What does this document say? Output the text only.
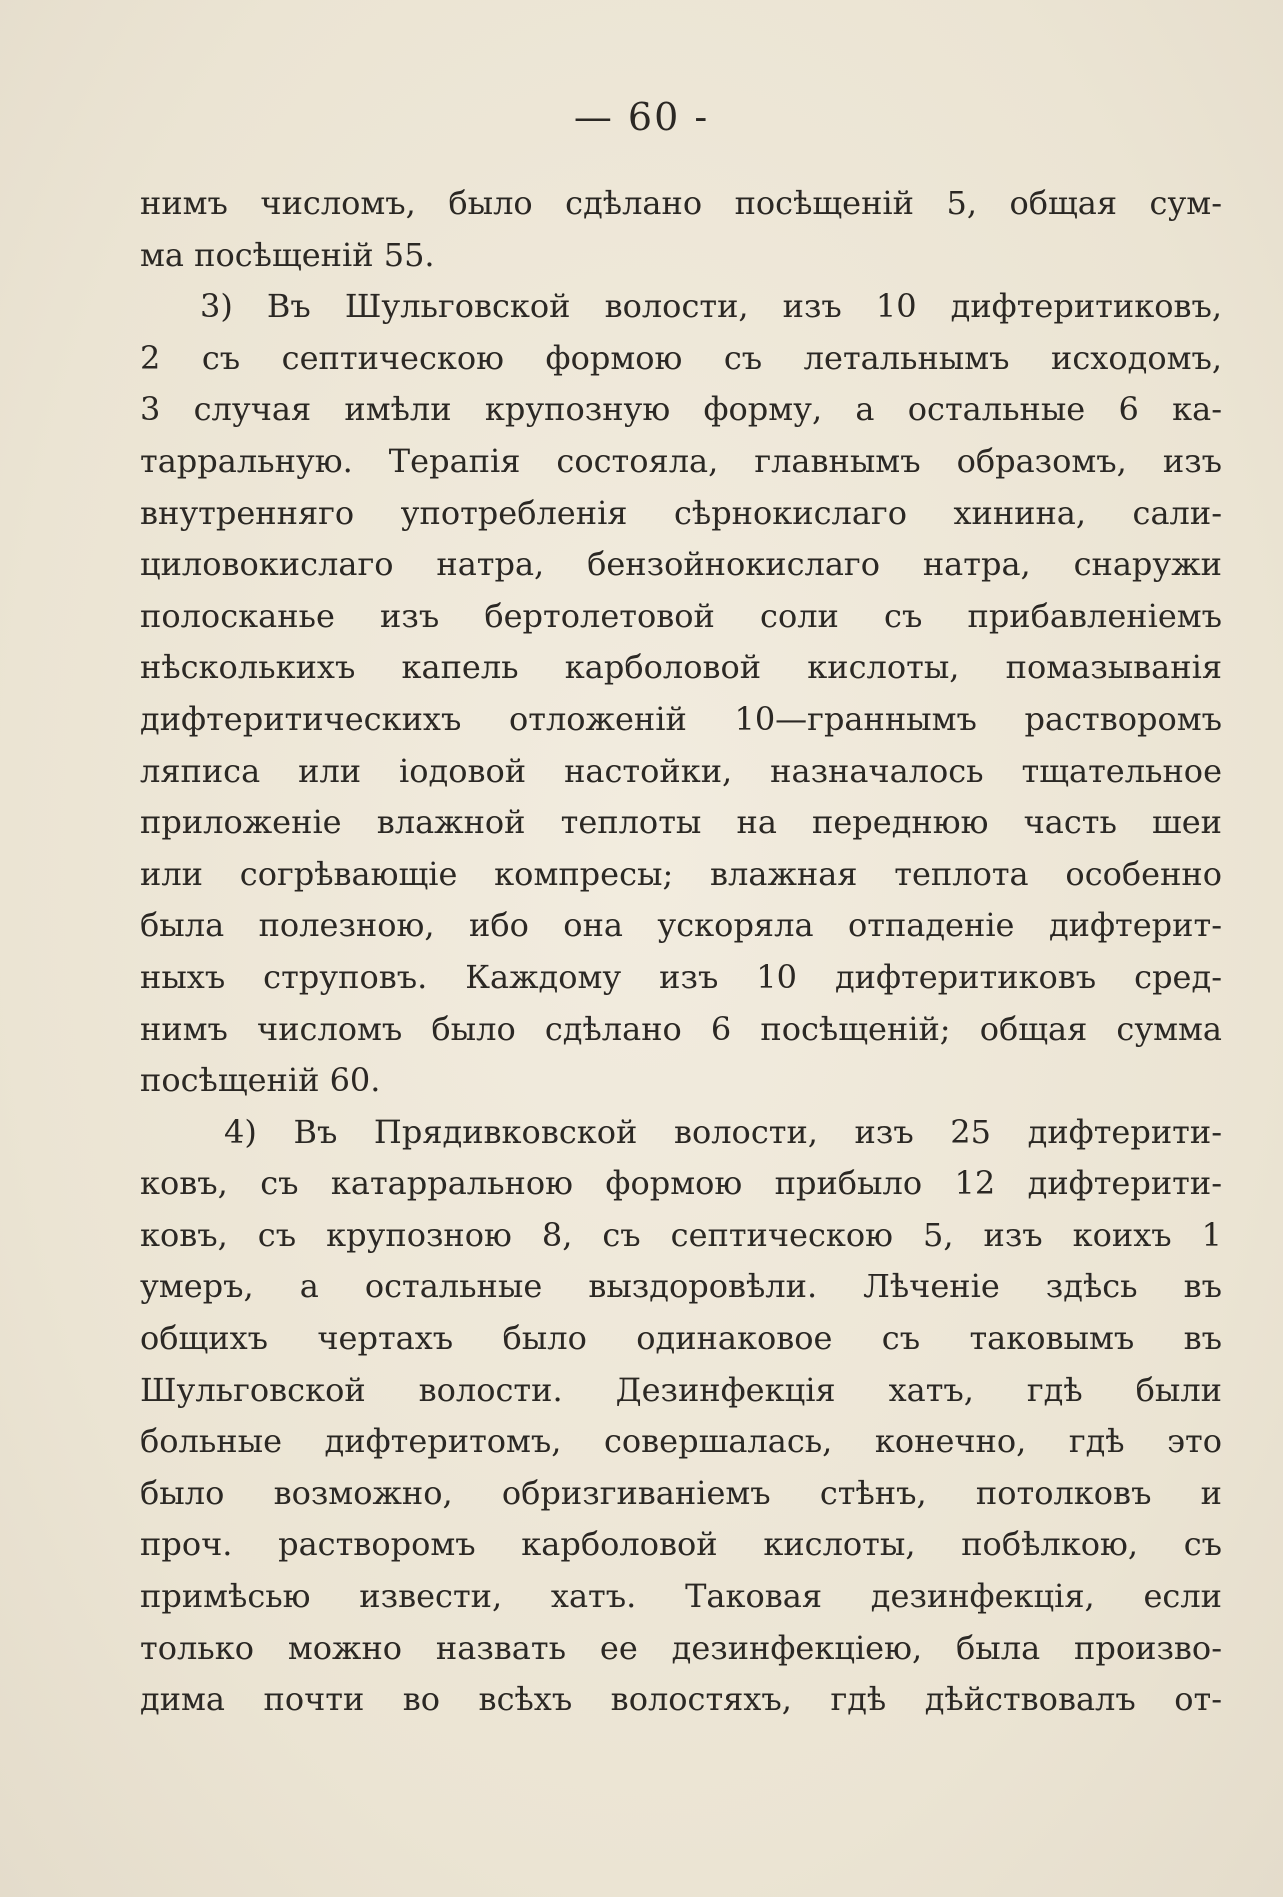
— 60 -
нимъ числомъ, было сдѣлано посѣщеній 5, общая сум-
ма посѣщеній 55.
3) Въ Шульговской волости, изъ 10 дифтеритиковъ,
2 съ септическою формою съ летальнымъ исходомъ,
3 случая имѣли крупозную форму, а остальные 6 ка-
тарральную. Терапія состояла, главнымъ образомъ, изъ
внутренняго употребленія сѣрнокислаго хинина, сали-
циловокислаго натра, бензойнокислаго натра, снаружи
полосканье изъ бертолетовой соли съ прибавленіемъ
нѣсколькихъ капель карболовой кислоты, помазыванія
дифтеритическихъ отложеній 10—граннымъ растворомъ
ляписа или іодовой настойки, назначалось тщательное
приложеніе влажной теплоты на переднюю часть шеи
или согрѣвающіе компресы; влажная теплота особенно
была полезною, ибо она ускоряла отпаденіе дифтерит-
ныхъ струповъ. Каждому изъ 10 дифтеритиковъ сред-
нимъ числомъ было сдѣлано 6 посѣщеній; общая сумма
посѣщеній 60.
4) Въ Прядивковской волости, изъ 25 дифтерити-
ковъ, съ катарральною формою прибыло 12 дифтерити-
ковъ, съ крупозною 8, съ септическою 5, изъ коихъ 1
умеръ, а остальные выздоровѣли. Лѣченіе здѣсь въ
общихъ чертахъ было одинаковое съ таковымъ въ
Шульговской волости. Дезинфекція хатъ, гдѣ были
больные дифтеритомъ, совершалась, конечно, гдѣ это
было возможно, обризгиваніемъ стѣнъ, потолковъ и
проч. растворомъ карболовой кислоты, побѣлкою, съ
примѣсью извести, хатъ. Таковая дезинфекція, если
только можно назвать ее дезинфекціею, была произво-
дима почти во всѣхъ волостяхъ, гдѣ дѣйствовалъ от-
